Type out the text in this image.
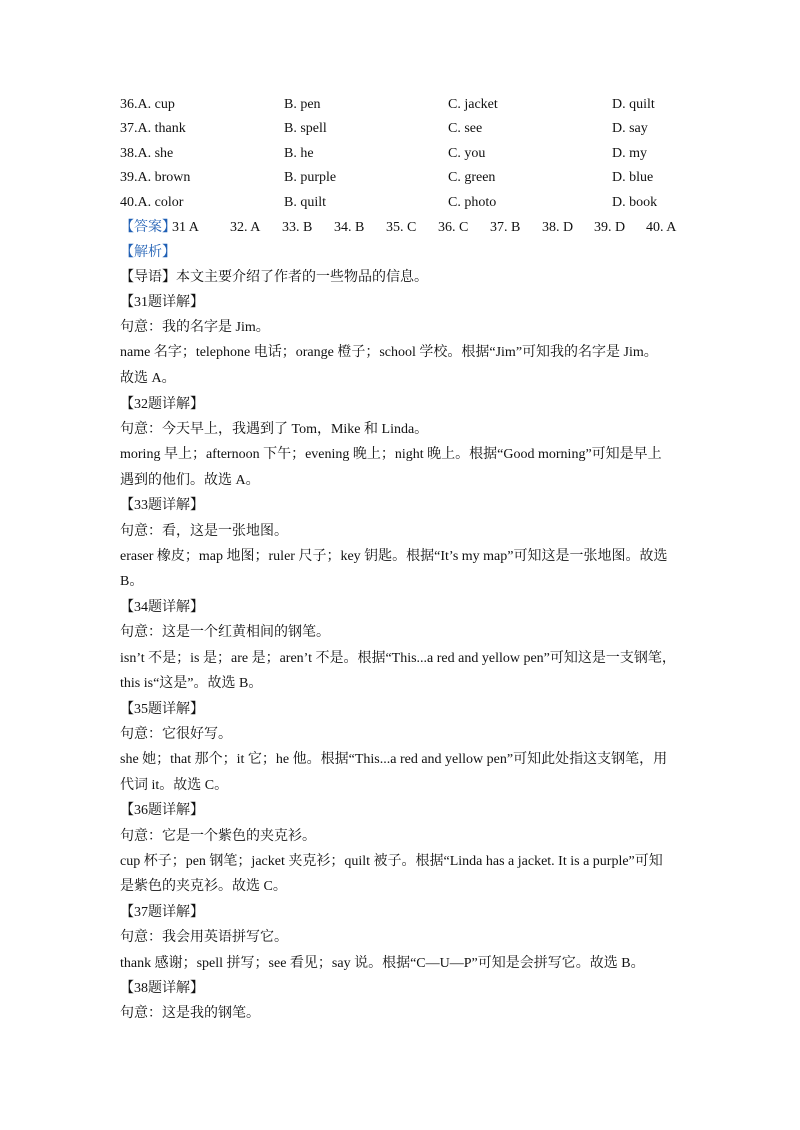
36.A. cup	B. pen	C. jacket	D. quilt
37.A. thank	B. spell	C. see	D. say
38.A. she	B. he	C. you	D. my
39.A. brown	B. purple	C. green	D. blue
40.A. color	B. quilt	C. photo	D. book
【答案】
31 A 32. A 33. B 34. B 35. C 36. C 37. B 38. D 39. D 40. A
【解析】
【导语】本文主要介绍了作者的一些物品的信息。
【31题详解】
句意：我的名字是 Jim。
name 名字；telephone 电话；orange 橙子；school 学校。根据“Jim”可知我的名字是 Jim。
故选 A。
【32题详解】
句意：今天早上，我遇到了 Tom，Mike 和 Linda。
moring 早上；afternoon 下午；evening 晚上；night 晚上。根据“Good morning”可知是早上
遇到的他们。故选 A。
【33题详解】
句意：看，这是一张地图。
eraser 橡皮；map 地图；ruler 尺子；key 钥匙。根据“It’s my map”可知这是一张地图。故选
B。
【34题详解】
句意：这是一个红黄相间的钢笔。
isn’t 不是；is 是；are 是；aren’t 不是。根据“This...a red and yellow pen”可知这是一支钢笔，
this is“这是”。故选 B。
【35题详解】
句意：它很好写。
she 她；that 那个；it 它；he 他。根据“This...a red and yellow pen”可知此处指这支钢笔，用
代词 it。故选 C。
【36题详解】
句意：它是一个紫色的夹克衫。
cup 杯子；pen 钢笔；jacket 夹克衫；quilt 被子。根据“Linda has a jacket. It is a purple”可知
是紫色的夹克衫。故选 C。
【37题详解】
句意：我会用英语拼写它。
thank 感谢；spell 拼写；see 看见；say 说。根据“C—U—P”可知是会拼写它。故选 B。
【38题详解】
句意：这是我的钢笔。
